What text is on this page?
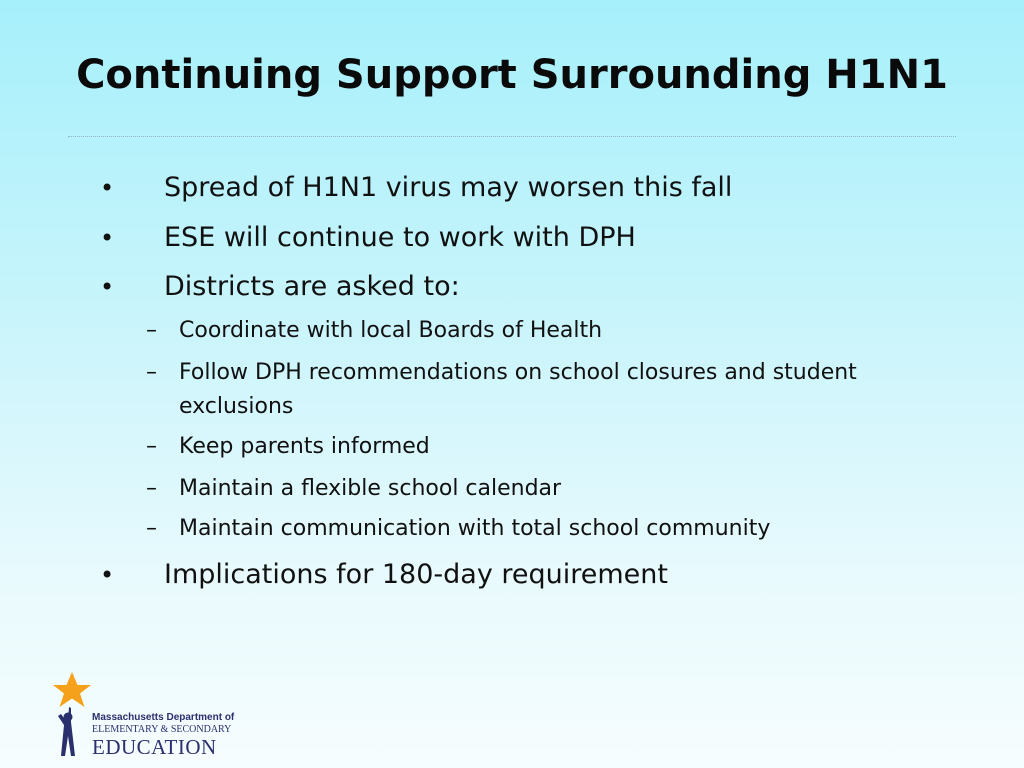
Continuing Support Surrounding H1N1
• Spread of H1N1 virus may worsen this fall
• ESE will continue to work with DPH
• Districts are asked to:
– Coordinate with local Boards of Health
– Follow DPH recommendations on school closures and student exclusions
– Keep parents informed
– Maintain a flexible school calendar
– Maintain communication with total school community
• Implications for 180-day requirement
Massachusetts Department of
ELEMENTARY & SECONDARY
EDUCATION
